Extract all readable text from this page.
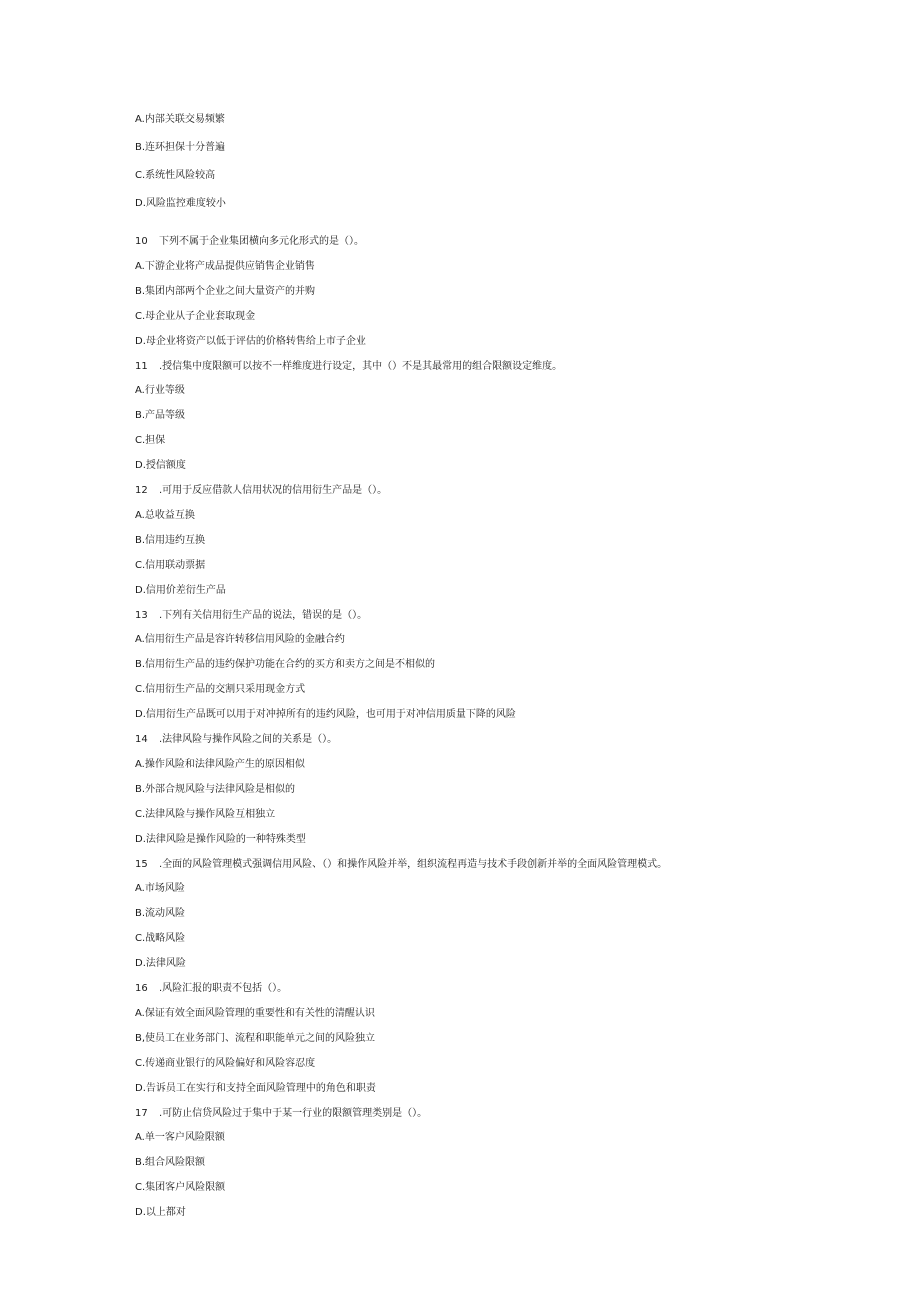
A.内部关联交易频繁
B.连环担保十分普遍
C.系统性风险较高
D.风险监控难度较小
10 下列不属于企业集团横向多元化形式的是（）。
A.下游企业将产成品提供应销售企业销售
B.集团内部两个企业之间大量资产的并购
C.母企业从子企业套取现金
D.母企业将资产以低于评估的价格转售给上市子企业
11 .授信集中度限额可以按不一样维度进行设定，其中（）不是其最常用的组合限额设定维度。
A.行业等级
B.产品等级
C.担保
D.授信额度
12 .可用于反应借款人信用状况的信用衍生产品是（）。
A.总收益互换
B.信用违约互换
C.信用联动票据
D.信用价差衍生产品
13 .下列有关信用衍生产品的说法，错误的是（）。
A.信用衍生产品是容许转移信用风险的金融合约
B.信用衍生产品的违约保护功能在合约的买方和卖方之间是不相似的
C.信用衍生产品的交割只采用现金方式
D.信用衍生产品既可以用于对冲掉所有的违约风险，也可用于对冲信用质量下降的风险
14 .法律风险与操作风险之间的关系是（）。
A.操作风险和法律风险产生的原因相似
B.外部合规风险与法律风险是相似的
C.法律风险与操作风险互相独立
D.法律风险是操作风险的一种特殊类型
15 .全面的风险管理模式强调信用风险、（）和操作风险并举，组织流程再造与技术手段创新并举的全面风险管理模式。
A.市场风险
B.流动风险
C.战略风险
D.法律风险
16 .风险汇报的职责不包括（）。
A.保证有效全面风险管理的重要性和有关性的清醒认识
B,使员工在业务部门、流程和职能单元之间的风险独立
C.传递商业银行的风险偏好和风险容忍度
D.告诉员工在实行和支持全面风险管理中的角色和职责
17 .可防止信贷风险过于集中于某一行业的限额管理类别是（）。
A.单一客户风险限额
B.组合风险限额
C.集团客户风险限额
D.以上都对
